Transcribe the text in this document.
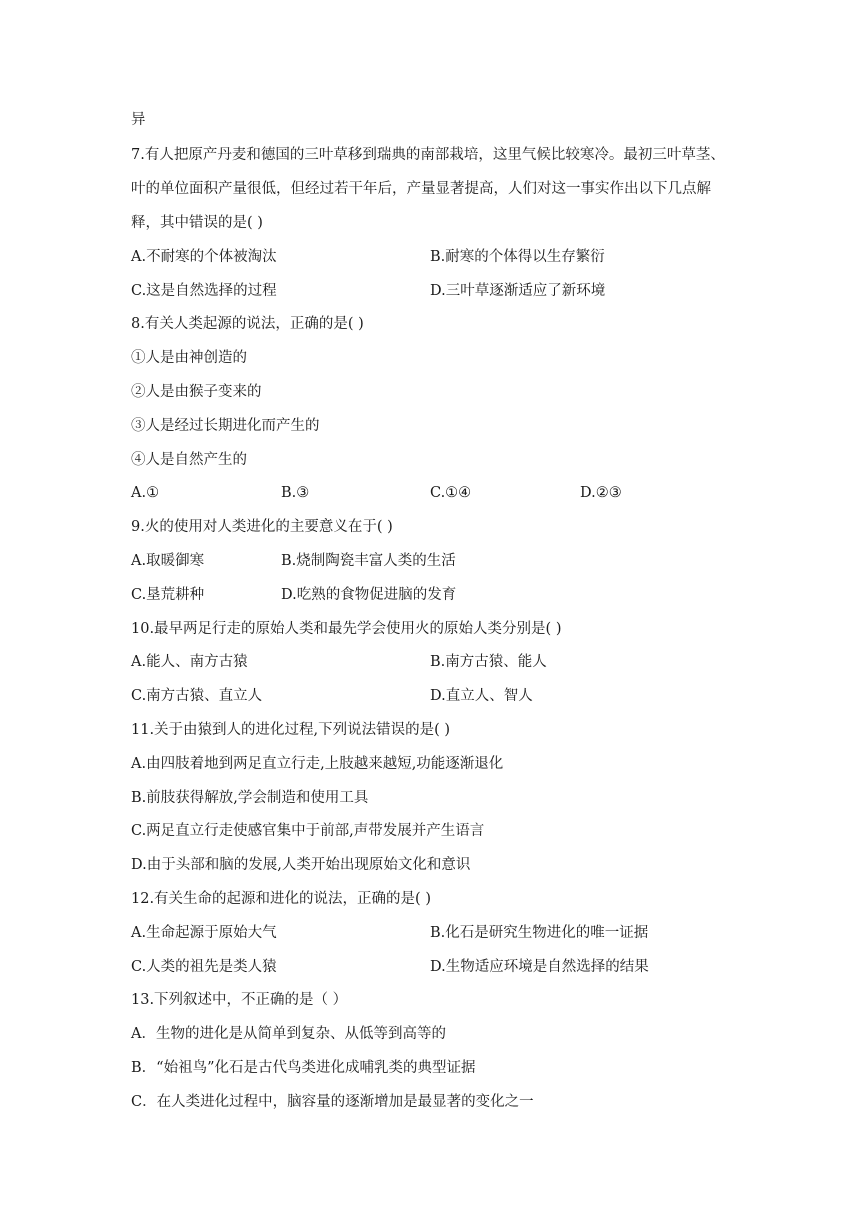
异
7.有人把原产丹麦和德国的三叶草移到瑞典的南部栽培，这里气候比较寒冷。最初三叶草茎、
叶的单位面积产量很低，但经过若干年后，产量显著提高，人们对这一事实作出以下几点解
释，其中错误的是( )
A.不耐寒的个体被淘汰	B.耐寒的个体得以生存繁衍
C.这是自然选择的过程	D.三叶草逐渐适应了新环境
8.有关人类起源的说法，正确的是( )
①人是由神创造的
②人是由猴子变来的
③人是经过长期进化而产生的
④人是自然产生的
A.①	B.③	C.①④	D.②③
9.火的使用对人类进化的主要意义在于( )
A.取暖御寒	B.烧制陶瓷丰富人类的生活
C.垦荒耕种	D.吃熟的食物促进脑的发育
10.最早两足行走的原始人类和最先学会使用火的原始人类分别是( )
A.能人、南方古猿	B.南方古猿、能人
C.南方古猿、直立人	D.直立人、智人
11.关于由猿到人的进化过程,下列说法错误的是( )
A.由四肢着地到两足直立行走,上肢越来越短,功能逐渐退化
B.前肢获得解放,学会制造和使用工具
C.两足直立行走使感官集中于前部,声带发展并产生语言
D.由于头部和脑的发展,人类开始出现原始文化和意识
12.有关生命的起源和进化的说法，正确的是( )
A.生命起源于原始大气	B.化石是研究生物进化的唯一证据
C.人类的祖先是类人猿	D.生物适应环境是自然选择的结果
13.下列叙述中，不正确的是（ ）
A．生物的进化是从简单到复杂、从低等到高等的
B．“始祖鸟”化石是古代鸟类进化成哺乳类的典型证据
C．在人类进化过程中，脑容量的逐渐增加是最显著的变化之一
